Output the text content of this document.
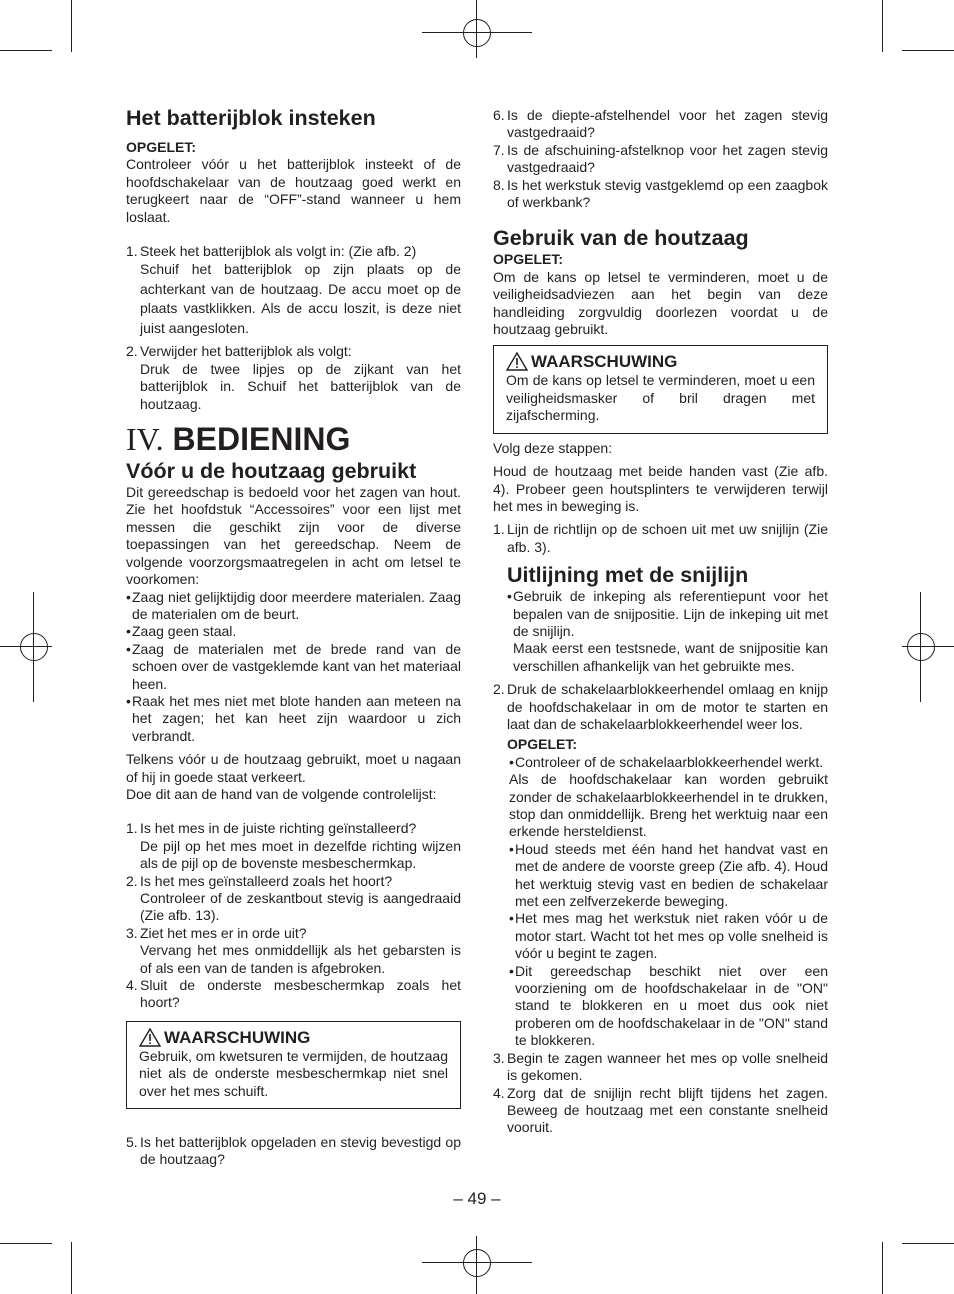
Het batterijblok insteken
OPGELET:

Controleer vóór u het batterijblok insteekt of de hoofdschakelaar van de houtzaag goed werkt en terugkeert naar de “OFF”-stand wanneer u hem loslaat.

1. Steek het batterijblok als volgt in: (Zie afb. 2)

Schuif het batterijblok op zijn plaats op de achterkant van de houtzaag. De accu moet op de plaats vastklikken. Als de accu loszit, is deze niet juist aangesloten.

2. Verwijder het batterijblok als volgt:

Druk de twee lipjes op de zijkant van het batterijblok in. Schuif het batterijblok van de houtzaag.

IV. BEDIENING
Vóór u de houtzaag gebruikt

Dit gereedschap is bedoeld voor het zagen van hout. Zie het hoofdstuk “Accessoires” voor een lijst met messen die geschikt zijn voor de diverse toepassingen van het gereedschap. Neem de volgende voorzorgsmaatregelen in acht om letsel te voorkomen:

• Zaag niet gelijktijdig door meerdere materialen. Zaag de materialen om de beurt.
• Zaag geen staal.
• Zaag de materialen met de brede rand van de schoen over de vastgeklemde kant van het materiaal heen.
• Raak het mes niet met blote handen aan meteen na het zagen; het kan heet zijn waardoor u zich verbrandt.

Telkens vóór u de houtzaag gebruikt, moet u nagaan of hij in goede staat verkeert.

Doe dit aan de hand van de volgende controlelijst:

1. Is het mes in de juiste richting geïnstalleerd?

De pijl op het mes moet in dezelfde richting wijzen als de pijl op de bovenste mesbeschermkap.

2. Is het mes geïnstalleerd zoals het hoort?

Controleer of de zeskantbout stevig is aangedraaid (Zie afb. 13).

3. Ziet het mes er in orde uit?

Vervang het mes onmiddellijk als het gebarsten is of als een van de tanden is afgebroken.

4. Sluit de onderste mesbeschermkap zoals het hoort?
WAARSCHUWING

Gebruik, om kwetsuren te vermijden, de houtzaag niet als de onderste mesbeschermkap niet snel over het mes schuift.

5. Is het batterijblok opgeladen en stevig bevestigd op de houtzaag?
6. Is de diepte-afstelhendel voor het zagen stevig vastgedraaid?
7. Is de afschuining-afstelknop voor het zagen stevig vastgedraaid?
8. Is het werkstuk stevig vastgeklemd op een zaagbok of werkbank?
Gebruik van de houtzaag
OPGELET:

Om de kans op letsel te verminderen, moet u de veiligheidsadviezen aan het begin van deze handleiding zorgvuldig doorlezen voordat u de houtzaag gebruikt.

WAARSCHUWING

Om de kans op letsel te verminderen, moet u een veiligheidsmasker of bril dragen met zijafscherming.

Volg deze stappen:

Houd de houtzaag met beide handen vast (Zie afb. 4). Probeer geen houtsplinters te verwijderen terwijl het mes in beweging is.

1. Lijn de richtlijn op de schoen uit met uw snijlijn (Zie afb. 3).
Uitlijning met de snijlijn
• Gebruik de inkeping als referentiepunt voor het bepalen van de snijpositie. Lijn de inkeping uit met de snijlijn.

Maak eerst een testsnede, want de snijpositie kan verschillen afhankelijk van het gebruikte mes.

2. Druk de schakelaarblokkeerhendel omlaag en knijp de hoofdschakelaar in om de motor te starten en laat dan de schakelaarblokkeerhendel weer los.
OPGELET:
• Controleer of de schakelaarblokkeerhendel werkt.

Als de hoofdschakelaar kan worden gebruikt zonder de schakelaarblokkeerhendel in te drukken, stop dan onmiddellijk. Breng het werktuig naar een erkende hersteldienst.

• Houd steeds met één hand het handvat vast en met de andere de voorste greep (Zie afb. 4). Houd het werktuig stevig vast en bedien de schakelaar met een zelfverzekerde beweging.
• Het mes mag het werkstuk niet raken vóór u de motor start. Wacht tot het mes op volle snelheid is vóór u begint te zagen.
• Dit gereedschap beschikt niet over een voorziening om de hoofdschakelaar in de "ON" stand te blokkeren en u moet dus ook niet proberen om de hoofdschakelaar in de "ON" stand te blokkeren.
3. Begin te zagen wanneer het mes op volle snelheid is gekomen.
4. Zorg dat de snijlijn recht blijft tijdens het zagen. Beweeg de houtzaag met een constante snelheid vooruit.
– 49 –
